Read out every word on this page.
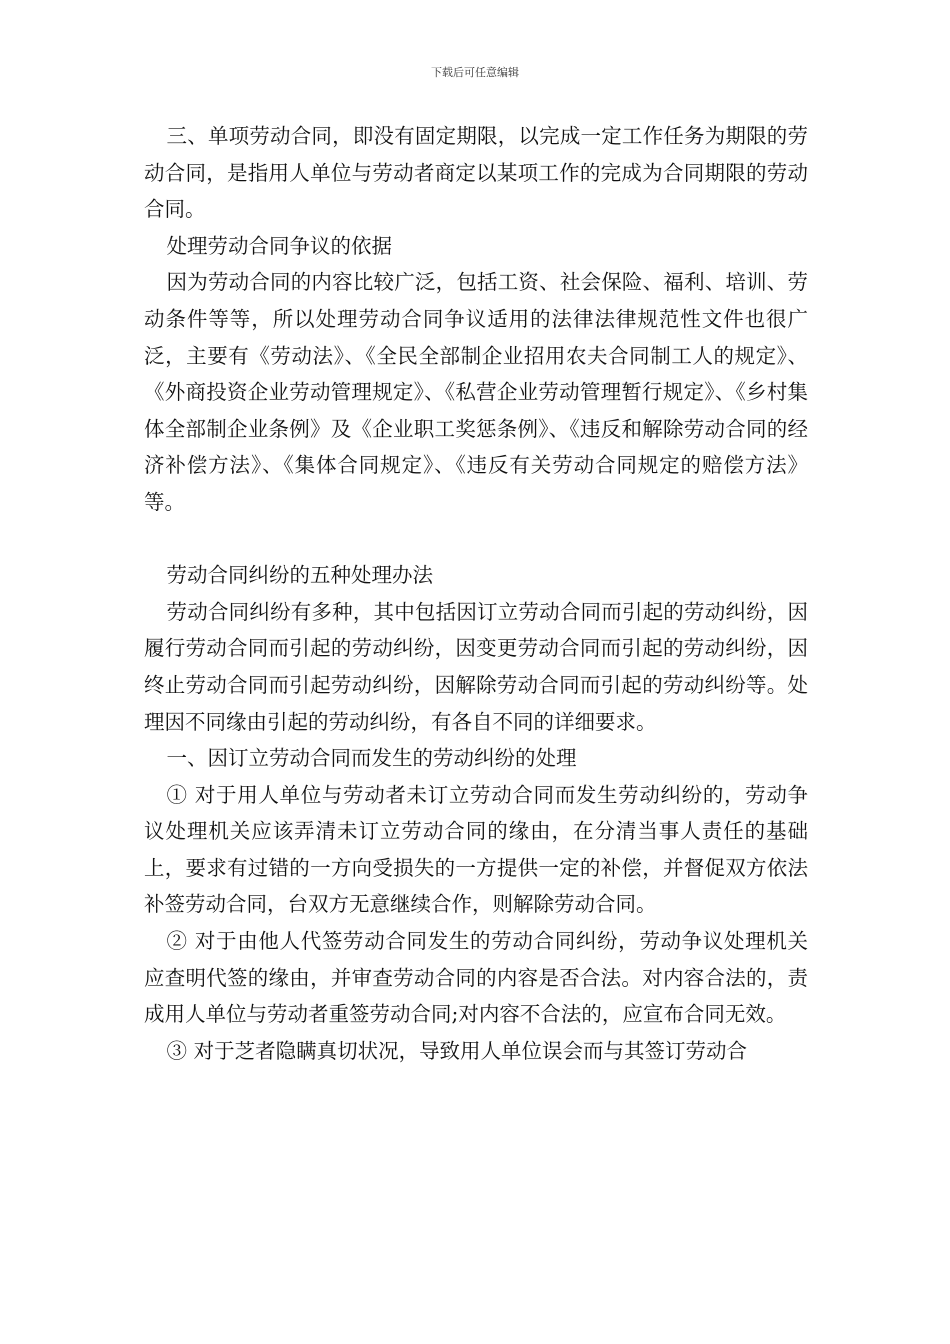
下载后可任意编辑

三、单项劳动合同，即没有固定期限，以完成一定工作任务为期限的劳动合同，是指用人单位与劳动者商定以某项工作的完成为合同期限的劳动合同。

处理劳动合同争议的依据

因为劳动合同的内容比较广泛，包括工资、社会保险、福利、培训、劳动条件等等，所以处理劳动合同争议适用的法律法律规范性文件也很广泛，主要有《劳动法》、《全民全部制企业招用农夫合同制工人的规定》、《外商投资企业劳动管理规定》、《私营企业劳动管理暂行规定》、《乡村集体全部制企业条例》及《企业职工奖惩条例》、《违反和解除劳动合同的经济补偿方法》、《集体合同规定》、《违反有关劳动合同规定的赔偿方法》等。

劳动合同纠纷的五种处理办法

劳动合同纠纷有多种，其中包括因订立劳动合同而引起的劳动纠纷，因履行劳动合同而引起的劳动纠纷，因变更劳动合同而引起的劳动纠纷，因终止劳动合同而引起劳动纠纷，因解除劳动合同而引起的劳动纠纷等。处理因不同缘由引起的劳动纠纷，有各自不同的详细要求。

一、因订立劳动合同而发生的劳动纠纷的处理

① 对于用人单位与劳动者未订立劳动合同而发生劳动纠纷的，劳动争议处理机关应该弄清未订立劳动合同的缘由，在分清当事人责任的基础上，要求有过错的一方向受损失的一方提供一定的补偿，并督促双方依法补签劳动合同，台双方无意继续合作，则解除劳动合同。

② 对于由他人代签劳动合同发生的劳动合同纠纷，劳动争议处理机关应查明代签的缘由，并审查劳动合同的内容是否合法。对内容合法的，责成用人单位与劳动者重签劳动合同;对内容不合法的，应宣布合同无效。

③ 对于芝者隐瞒真切状况，导致用人单位误会而与其签订劳动合
